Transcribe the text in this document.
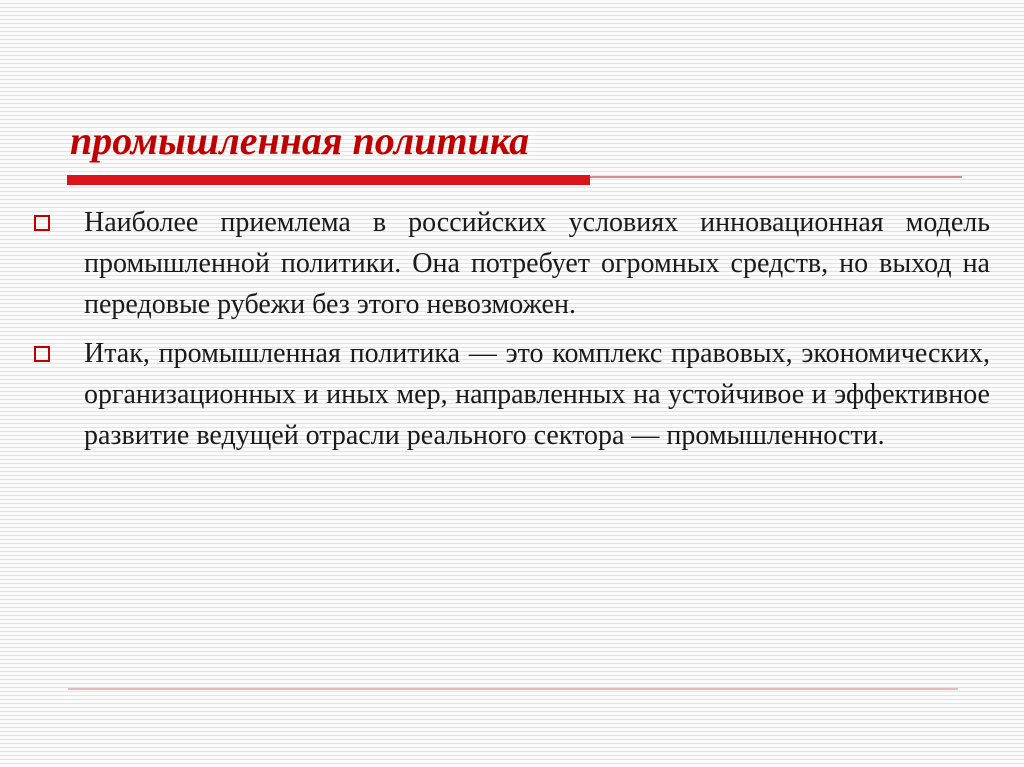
промышленная политика
Наиболее приемлема в российских условиях инновационная модель промышленной политики. Она потребует огромных средств, но выход на передовые рубежи без этого невозможен.
Итак, промышленная политика — это комплекс правовых, экономических, организационных и иных мер, направленных на устойчивое и эффективное развитие ведущей отрасли реального сектора — промышленности.
